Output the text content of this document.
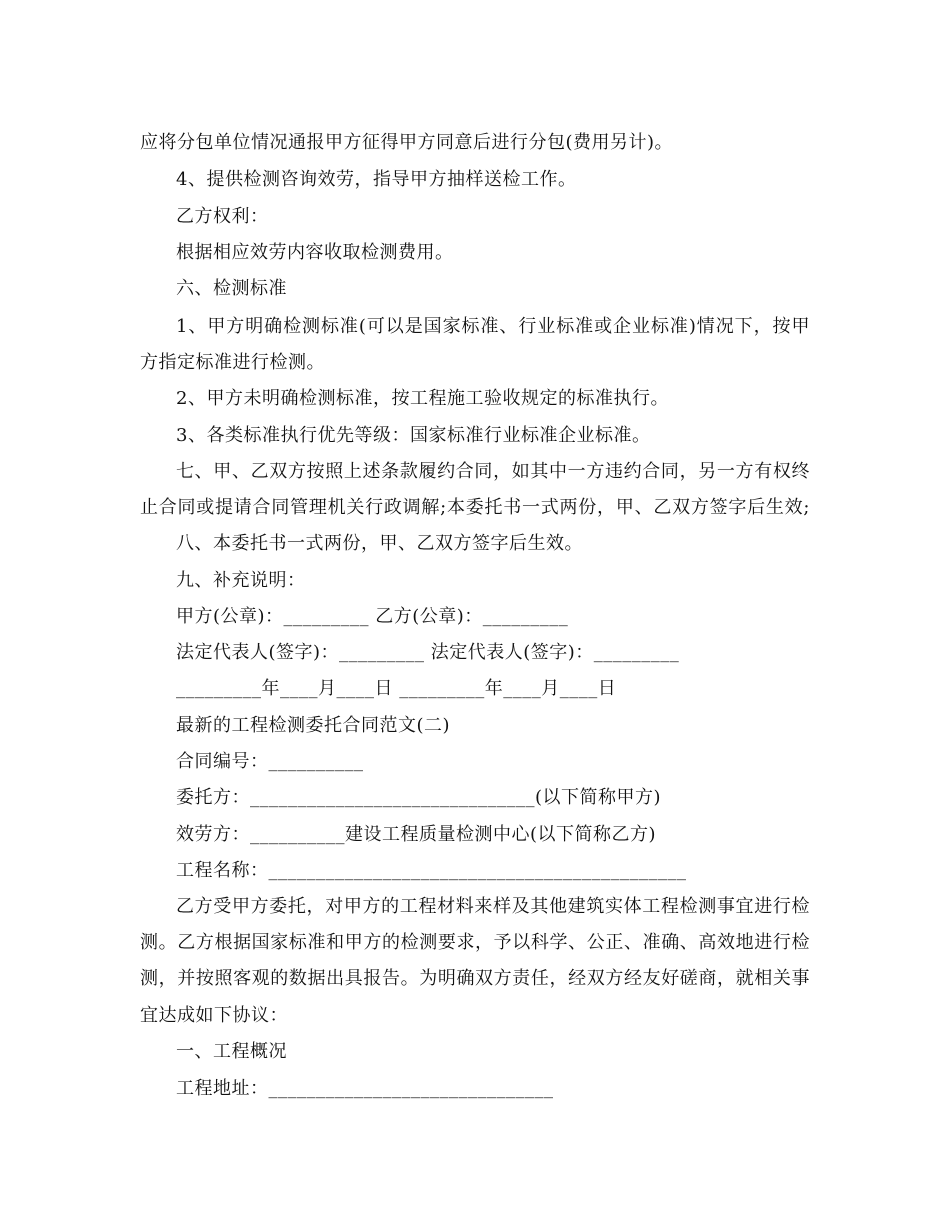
应将分包单位情况通报甲方征得甲方同意后进行分包(费用另计)。
4、提供检测咨询效劳，指导甲方抽样送检工作。
乙方权利：
根据相应效劳内容收取检测费用。
六、检测标准
1、甲方明确检测标准(可以是国家标准、行业标准或企业标准)情况下，按甲
方指定标准进行检测。
2、甲方未明确检测标准，按工程施工验收规定的标准执行。
3、各类标准执行优先等级：国家标准行业标准企业标准。
七、甲、乙双方按照上述条款履约合同，如其中一方违约合同，另一方有权终
止合同或提请合同管理机关行政调解;本委托书一式两份，甲、乙双方签字后生效;
八、本委托书一式两份，甲、乙双方签字后生效。
九、补充说明：
甲方(公章)：_________ 乙方(公章)：_________
法定代表人(签字)：_________ 法定代表人(签字)：_________
_________年____月____日 _________年____月____日
最新的工程检测委托合同范文(二)
合同编号：__________
委托方：______________________________(以下简称甲方)
效劳方：__________建设工程质量检测中心(以下简称乙方)
工程名称：____________________________________________
乙方受甲方委托，对甲方的工程材料来样及其他建筑实体工程检测事宜进行检
测。乙方根据国家标准和甲方的检测要求，予以科学、公正、准确、高效地进行检
测，并按照客观的数据出具报告。为明确双方责任，经双方经友好磋商，就相关事
宜达成如下协议：
一、工程概况
工程地址：______________________________
